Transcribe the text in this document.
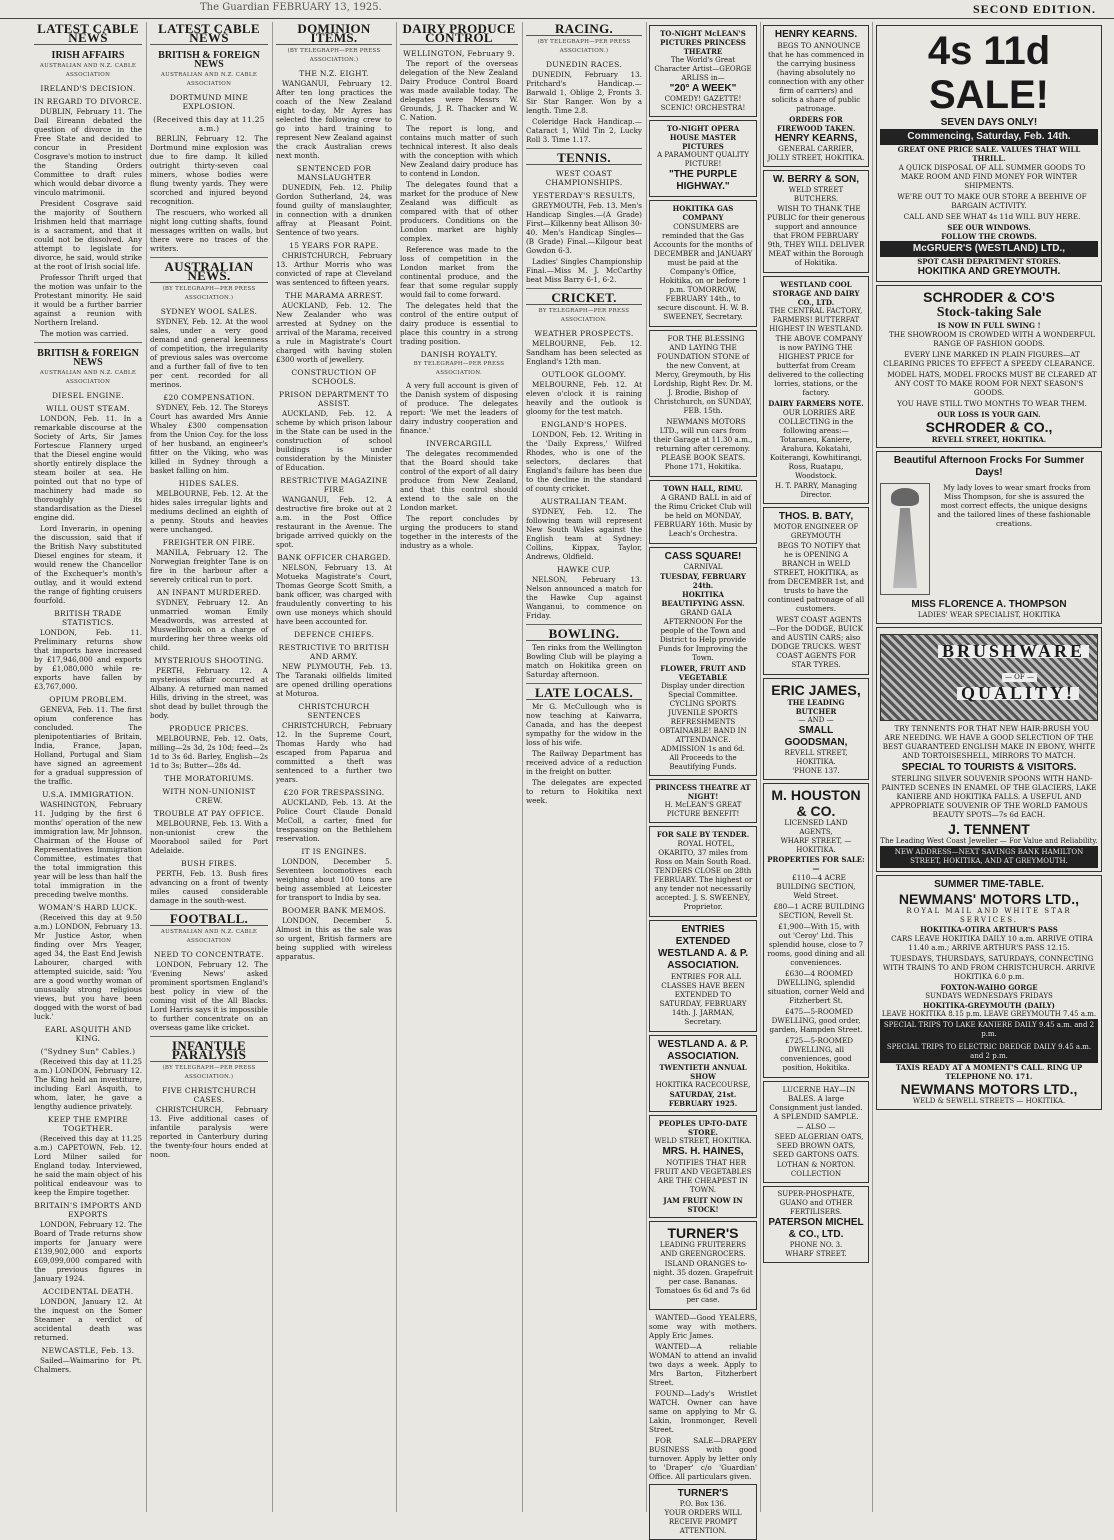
The Guardian FEBRUARY 13, 1925.	SECOND EDITION.
LATEST CABLE NEWS
IRISH AFFAIRS
AUSTRALIAN AND N.Z. CABLE ASSOCIATION
IRELAND'S DECISION.
IN REGARD TO DIVORCE.

DUBLIN, February 11. The Dail Eireann debated the question of divorce in the Free State and decided to concur in President Cosgrave's motion to instruct the Standing Orders Committee to draft rules which would debar divorce a vinculo matrimonii.

President Cosgrave said the majority of Southern Irishmen held that marriage is a sacrament, and that it could not be dissolved. Any attempt to legislate for divorce, he said, would strike at the root of Irish social life.

Professor Thrift urged that the motion was unfair to the Protestant minority. He said it would be a further barrier against a reunion with Northern Ireland.

The motion was carried.

BRITISH & FOREIGN NEWS
AUSTRALIAN AND N.Z. CABLE ASSOCIATION
DIESEL ENGINE.
WILL OUST STEAM.

LONDON, Feb. 11. In a remarkable discourse at the Society of Arts, Sir James Fortescue Flannery urged that the Diesel engine would shortly entirely displace the steam boiler at sea. He pointed out that no type of machinery had made so thoroughly its standardisation as the Diesel engine did.

Lord Inverarin, in opening the discussion, said that if the British Navy substituted Diesel engines for steam, it would renew the Chancellor of the Exchequer's month's outlay, and it would extend the range of fighting cruisers fourfold.

BRITISH TRADE STATISTICS.

LONDON, Feb. 11. Preliminary returns show that imports have increased by £17,946,000 and exports by £1,080,000 while re-exports have fallen by £3,767,000.

OPIUM PROBLEM.

GENEVA, Feb. 11. The first opium conference has concluded. The plenipotentiaries of Britain, India, France, Japan, Holland, Portugal and Siam have signed an agreement for a gradual suppression of the traffic.

U.S.A. IMMIGRATION.

WASHINGTON, February 11. Judging by the first 6 months' operation of the new immigration law, Mr Johnson, Chairman of the House of Representatives Immigration Committee, estimates that the total immigration this year will be less than half the total immigration in the preceding twelve months.

WOMAN'S HARD LUCK.

(Received this day at 9.50 a.m.) LONDON, February 13. Mr Justice Astor, when finding over Mrs Yeager, aged 34, the East End Jewish Labourer, charged with attempted suicide, said: 'You are a good worthy woman of unusually strong religious views, but you have been dogged with the worst of bad luck.'

EARL ASQUITH AND KING.
("Sydney Sun" Cables.)

(Received this day at 11.25 a.m.) LONDON, February 12. The King held an investiture, including Earl Asquith, to whom, later, he gave a lengthy audience privately.

KEEP THE EMPIRE TOGETHER.

(Received this day at 11.25 a.m.) CAPETOWN, Feb. 12. Lord Milner sailed for England today. Interviewed, he said the main object of his political endeavour was to keep the Empire together.

BRITAIN'S IMPORTS AND EXPORTS

LONDON, February 12. The Board of Trade returns show imports for January were £139,902,000 and exports £69,099,000 compared with the previous figures in January 1924.

ACCIDENTAL DEATH.

LONDON, January 12. At the inquest on the Somer Steamer a verdict of accidental death was returned.

NEWCASTLE, Feb. 13.

Sailed—Waimarino for Pt. Chalmers.

LATEST CABLE NEWS
BRITISH & FOREIGN NEWS
AUSTRALIAN AND N.Z. CABLE ASSOCIATION
DORTMUND MINE EXPLOSION.
(Received this day at 11.25 a.m.)

BERLIN, February 12. The Dortmund mine explosion was due to fire damp. It killed outright thirty-seven coal miners, whose bodies were flung twenty yards. They were scorched and injured beyond recognition.

The rescuers, who worked all night long cutting shafts, found messages written on walls, but there were no traces of the writers.

AUSTRALIAN NEWS.
(BY TELEGRAPH—PER PRESS ASSOCIATION.)
SYDNEY WOOL SALES.

SYDNEY, Feb. 12. At the wool sales, under a very good demand and general keenness of competition, the irregularity of previous sales was overcome and a further fall of five to ten per cent. recorded for all merinos.

£20 COMPENSATION.

SYDNEY, Feb. 12. The Storeys Court has awarded Mrs Annie Whaley £300 compensation from the Union Coy. for the loss of her husband, an engineer's fitter on the Viking, who was killed in Sydney through a basket falling on him.

HIDES SALES.

MELBOURNE, Feb. 12. At the hides sales irregular lights and mediums declined an eighth of a penny. Stouts and heavies were unchanged.

FREIGHTER ON FIRE.

MANILA, February 12. The Norwegian freighter Tane is on fire in the harbour after a severely critical run to port.

AN INFANT MURDERED.

SYDNEY, February 12. An unmarried woman Emily Meadwords, was arrested at Muswellbrook on a charge of murdering her three weeks old child.

MYSTERIOUS SHOOTING.

PERTH, February 12. A mysterious affair occurred at Albany. A returned man named Hills, driving in the street, was shot dead by bullet through the body.

PRODUCE PRICES.

MELBOURNE, Feb. 12. Oats, milling—2s 3d, 2s 10d; feed—2s 1d to 3s 6d. Barley, English—2s 1d to 3s; Butter—28s 4d.

THE MORATORIUMS.
WITH NON-UNIONIST CREW.
TROUBLE AT PAY OFFICE.

MELBOURNE, Feb. 13. With a non-unionist crew the Moorabool sailed for Port Adelaide.

BUSH FIRES.

PERTH, Feb. 13. Bush fires advancing on a front of twenty miles caused considerable damage in the south-west.

FOOTBALL.
AUSTRALIAN AND N.Z. CABLE ASSOCIATION
NEED TO CONCENTRATE.

LONDON, February 12. The 'Evening News' asked prominent sportsmen England's best policy in view of the coming visit of the All Blacks. Lord Harris says it is impossible to further concentrate on an overseas game like cricket.

INFANTILE PARALYSIS
(BY TELEGRAPH—PER PRESS ASSOCIATION.)
FIVE CHRISTCHURCH CASES.

CHRISTCHURCH, February 13. Five additional cases of infantile paralysis were reported in Canterbury during the twenty-four hours ended at noon.

DOMINION ITEMS.
(BY TELEGRAPH—PER PRESS ASSOCIATION.)
THE N.Z. EIGHT.

WANGANUI, February 12. After ten long practices the coach of the New Zealand eight to-day, Mr Ayres has selected the following crew to go into hard training to represent New Zealand against the crack Australian crews next month.

SENTENCED FOR MANSLAUGHTER

DUNEDIN, Feb. 12. Philip Gordon Sutherland, 24, was found guilty of manslaughter, in connection with a drunken affray at Pleasant Point. Sentence of two years.

15 YEARS FOR RAPE.

CHRISTCHURCH, February 13. Arthur Morris who was convicted of rape at Cleveland was sentenced to fifteen years.

THE MARAMA ARREST.

AUCKLAND, Feb. 12. The New Zealander who was arrested at Sydney on the arrival of the Marama, received a rule in Magistrate's Court charged with having stolen £300 worth of jewellery.

CONSTRUCTION OF SCHOOLS.
PRISON DEPARTMENT TO ASSIST.

AUCKLAND, Feb. 12. A scheme by which prison labour in the State can be used in the construction of school buildings is under consideration by the Minister of Education.

RESTRICTIVE MAGAZINE FIRE

WANGANUI, Feb. 12. A destructive fire broke out at 2 a.m. in the Post Office restaurant in the Avenue. The brigade arrived quickly on the spot.

BANK OFFICER CHARGED.

NELSON, February 13. At Motueka Magistrate's Court, Thomas George Scott Smith, a bank officer, was charged with fraudulently converting to his own use moneys which should have been accounted for.

DEFENCE CHIEFS.
RESTRICTIVE TO BRITISH AND ARMY.

NEW PLYMOUTH, Feb. 13. The Taranaki oilfields limited are opened drilling operations at Moturoa.

CHRISTCHURCH SENTENCES

CHRISTCHURCH, February 12. In the Supreme Court, Thomas Hardy who had escaped from Paparua and committed a theft was sentenced to a further two years.

£20 FOR TRESPASSING.

AUCKLAND, Feb. 13. At the Police Court Claude Donald McColl, a carter, fined for trespassing on the Bethlehem reservation.

IT IS ENGINES.

LONDON, December 5. Seventeen locomotives each weighing about 100 tons are being assembled at Leicester for transport to India by sea.

BOOMER BANK MEMOS.

LONDON, December 5. Almost in this as the sale was so urgent, British farmers are being supplied with wireless apparatus.

DAIRY PRODUCE CONTROL
WELLINGTON, February 9.

The report of the overseas delegation of the New Zealand Dairy Produce Control Board was made available today. The delegates were Messrs W. Grounds, J. R. Thacker and W. C. Nation.

The report is long, and contains much matter of such technical interest. It also deals with the conception with which New Zealand dairy produce has to contend in London.

The delegates found that a market for the produce of New Zealand was difficult as compared with that of other producers. Conditions on the London market are highly complex.

Reference was made to the loss of competition in the London market from the continental produce, and the fear that some regular supply would fail to come forward.

The delegates held that the control of the entire output of dairy produce is essential to place this country in a strong trading position.

DANISH ROYALTY.
BY TELEGRAPH—PER PRESS ASSOCIATION.

A very full account is given of the Danish system of disposing of produce. The delegates report: 'We met the leaders of dairy industry cooperation and finance.'

INVERCARGILL

The delegates recommended that the Board should take control of the export of all dairy produce from New Zealand, and that this control should extend to the sale on the London market.

The report concludes by urging the producers to stand together in the interests of the industry as a whole.

RACING.
(BY TELEGRAPH—PER PRESS ASSOCIATION.)
DUNEDIN RACES.

DUNEDIN, February 13. Pritchard's Handicap.—Barwald 1, Oblige 2, Fronts 3. Sir Star Ranger. Won by a length. Time 2.8.

Coleridge Hack Handicap.—Cataract 1, Wild Tin 2, Lucky Roll 3. Time 1.17.

TENNIS.
WEST COAST CHAMPIONSHIPS.
YESTERDAY'S RESULTS,

GREYMOUTH, Feb. 13. Men's Handicap Singles.—(A Grade) First—Kilkenny beat Allison 30-40. Men's Handicap Singles—(B Grade) Final.—Kilgour beat Gowdon 6-3.

Ladies' Singles Championship Final.—Miss M. J. McCarthy beat Miss Barry 6-1, 6-2.

CRICKET.
BY TELEGRAPH—PER PRESS ASSOCIATION.
WEATHER PROSPECTS.

MELBOURNE, Feb. 12. Sandham has been selected as England's 12th man.

OUTLOOK GLOOMY.

MELBOURNE, Feb. 12. At eleven o'clock it is raining heavily and the outlook is gloomy for the test match.

ENGLAND'S HOPES.

LONDON, Feb. 12. Writing in the 'Daily Express,' Wilfred Rhodes, who is one of the selectors, declares that England's failure has been due to the decline in the standard of county cricket.

AUSTRALIAN TEAM.

SYDNEY, Feb. 12. The following team will represent New South Wales against the English team at Sydney: Collins, Kippax, Taylor, Andrews, Oldfield.

HAWKE CUP.

NELSON, February 13. Nelson announced a match for the Hawke Cup against Wanganui, to commence on Friday.

BOWLING.

Ten rinks from the Wellington Bowling Club will be playing a match on Hokitika green on Saturday afternoon.

LATE LOCALS.

Mr G. McCullough who is now teaching at Kaiwarra, Canada, and has the deepest sympathy for the widow in the loss of his wife.

The Railway Department has received advice of a reduction in the freight on butter.

The delegates are expected to return to Hokitika next week.

TO-NIGHT McLEAN'S PICTURES PRINCESS THEATRE
The World's Great Character Artist—GEORGE ARLISS in—
"20° A WEEK"
COMEDY! GAZETTE! SCENIC! ORCHESTRA!
TO-NIGHT OPERA HOUSE MASTER PICTURES
A PARAMOUNT QUALITY PICTURE!
"THE PURPLE HIGHWAY."
HOKITIKA GAS COMPANY

CONSUMERS are reminded that the Gas Accounts for the months of DECEMBER and JANUARY must be paid at the Company's Office, Hokitika, on or before 1 p.m. TOMORROW, FEBRUARY 14th., to secure discount. H. W. B. SWEENEY, Secretary.

FOR THE BLESSING AND LAYING THE FOUNDATION STONE of the new Convent, at Mercy, Greymouth, by His Lordship, Right Rev. Dr. M. J. Brodie, Bishop of Christchurch, on SUNDAY, FEB. 15th.

NEWMANS MOTORS LTD., will run cars from their Garage at 11.30 a.m., returning after ceremony. PLEASE BOOK SEATS. Phone 171, Hokitika.

TOWN HALL, RIMU.

A GRAND BALL in aid of the Rimu Cricket Club will be held on MONDAY, FEBRUARY 16th. Music by Leach's Orchestra.

CASS SQUARE!
CARNIVAL
TUESDAY, FEBRUARY 24th.
HOKITIKA BEAUTIFYING ASSN.

GRAND GALA AFTERNOON For the people of the Town and District to Help provide Funds for Improving the Town.

FLOWER, FRUIT AND VEGETABLE
Display under direction Special Committee.
CYCLING SPORTS
JUVENILE SPORTS
REFRESHMENTS OBTAINABLE! BAND IN ATTENDANCE.
ADMISSION 1s and 6d.
All Proceeds to the Beautifying Funds.
PRINCESS THEATRE AT NIGHT!
H. McLEAN'S GREAT PICTURE BENEFIT!
FOR SALE BY TENDER.

ROYAL HOTEL, OKARITO, 37 miles from Ross on Main South Road. TENDERS CLOSE on 28th FEBRUARY. The highest or any tender not necessarily accepted. J. S. SWEENEY, Proprietor.

ENTRIES EXTENDED
WESTLAND A. & P. ASSOCIATION.

ENTRIES FOR ALL CLASSES HAVE BEEN EXTENDED TO SATURDAY, FEBRUARY 14th. J. JARMAN, Secretary.

WESTLAND A. & P. ASSOCIATION.
TWENTIETH ANNUAL SHOW
HOKITIKA RACECOURSE,
SATURDAY, 21st. FEBRUARY 1925.
PEOPLES UP-TO-DATE STORE.
WELD STREET, HOKITIKA.
MRS. H. HAINES,

NOTIFIES THAT HER FRUIT AND VEGETABLES ARE THE CHEAPEST IN TOWN.

JAM FRUIT NOW IN STOCK!
TURNER'S
LEADING FRUITERERS AND GREENGROCERS.

ISLAND ORANGES to-night. 35 dozen. Grapefruit per case. Bananas. Tomatoes 6s 6d and 7s 6d per case.

WANTED—Good YEALERS, some way with mothers. Apply Eric James.

WANTED—A reliable WOMAN to attend an invalid two days a week. Apply to Mrs Barton, Fitzherbert Street.

FOUND—Lady's Wristlet WATCH. Owner can have same on applying to Mr G. Lakin, Ironmonger, Revell Street.

FOR SALE—DRAPERY BUSINESS with good turnover. Apply by letter only to 'Draper' c/o 'Guardian' Office. All particulars given.

TURNER'S
P.O. Box 136.
YOUR ORDERS WILL RECEIVE PROMPT ATTENTION.
HENRY KEARNS.

BEGS TO ANNOUNCE that he has commenced in the carrying business (having absolutely no connection with any other firm of carriers) and solicits a share of public patronage.

ORDERS FOR FIREWOOD TAKEN.
HENRY KEARNS,
GENERAL CARRIER, JOLLY STREET, HOKITIKA.
W. BERRY & SON,
WELD STREET BUTCHERS.

WISH TO THANK THE PUBLIC for their generous support and announce that FROM FEBRUARY 9th, THEY WILL DELIVER MEAT within the Borough of Hokitika.

WESTLAND COOL STORAGE AND DAIRY CO., LTD.
THE CENTRAL FACTORY, FARMERS! BUTTERFAT HIGHEST IN WESTLAND.

THE ABOVE COMPANY is now PAYING THE HIGHEST PRICE for butterfat from Cream delivered to the collecting lorries, stations, or the factory.

DAIRY FARMERS NOTE.

OUR LORRIES ARE COLLECTING in the following areas:—Totaraneu, Kaniere, Arahura, Kokatahi, Koiterangi, Kowhitirangi, Ross, Ruatapu, Woodstock.

H. T. PARRY, Managing Director.
THOS. B. BATY,
MOTOR ENGINEER OF GREYMOUTH

BEGS TO NOTIFY that he is OPENING A BRANCH in WELD STREET, HOKITIKA, as from DECEMBER 1st, and trusts to have the continued patronage of all customers.

WEST COAST AGENTS—For the DODGE, BUICK and AUSTIN CARS; also DODGE TRUCKS. WEST COAST AGENTS FOR STAR TYRES.

ERIC JAMES,
THE LEADING BUTCHER
— AND —
SMALL GOODSMAN,
REVELL STREET, HOKITIKA.
'PHONE 137.
M. HOUSTON & CO.
LICENSED LAND AGENTS,
WHARF STREET, — HOKITIKA.
PROPERTIES FOR SALE:—

£110—4 ACRE BUILDING SECTION, Weld Street.

£80—1 ACRE BUILDING SECTION, Revell St.

£1,900—With 15, with out 'Ceroy' Ltd. This splendid house, close to 7 rooms, good dining and all conveniences.

£630—4 ROOMED DWELLING, splendid situation, corner Weld and Fitzherbert St.

£475—5-ROOMED DWELLING, good order, garden, Hampden Street.

£725—5-ROOMED DWELLING, all conveniences, good position, Hokitika.

LUCERNE HAY—IN BALES. A large Consignment just landed. A SPLENDID SAMPLE.

— ALSO —

SEED ALGERIAN OATS, SEED BROWN OATS, SEED GARTONS OATS.

LOTHAN & NORTON. COLLECTION
SUPER-PHOSPHATE, GUANO and OTHER FERTILISERS.
PATERSON MICHEL & CO., LTD.
PHONE NO. 3.
WHARF STREET.
4s 11d SALE!
SEVEN DAYS ONLY!
Commencing, Saturday, Feb. 14th.
GREAT ONE PRICE SALE. VALUES THAT WILL THRILL.

A QUICK DISPOSAL OF ALL SUMMER GOODS TO MAKE ROOM AND FIND MONEY FOR WINTER SHIPMENTS.

WE'RE OUT TO MAKE OUR STORE A BEEHIVE OF BARGAIN ACTIVITY.

CALL AND SEE WHAT 4s 11d WILL BUY HERE.

SEE OUR WINDOWS.
FOLLOW THE CROWDS.
McGRUER'S (WESTLAND) LTD.,
SPOT CASH DEPARTMENT STORES.
HOKITIKA AND GREYMOUTH.
SCHRODER & CO'S
Stock-taking Sale
IS NOW IN FULL SWING !

THE SHOWROOM IS CROWDED WITH A WONDERFUL RANGE OF FASHION GOODS.

EVERY LINE MARKED IN PLAIN FIGURES—AT CLEARING PRICES TO EFFECT A SPEEDY CLEARANCE.

MODEL HATS, MODEL FROCKS MUST BE CLEARED AT ANY COST TO MAKE ROOM FOR NEXT SEASON'S GOODS.

YOU HAVE STILL TWO MONTHS TO WEAR THEM.

OUR LOSS IS YOUR GAIN.
SCHRODER & CO.,
REVELL STREET, HOKITIKA.
Beautiful Afternoon Frocks For Summer Days!

My lady loves to wear smart frocks from Miss Thompson, for she is assured the most correct effects, the unique designs and the tailored lines of these fashionable creations.

MISS FLORENCE A. THOMPSON
LADIES' WEAR SPECIALIST, HOKITIKA
BRUSHWARE
— OF —
QUALITY!

TRY TENNENTS FOR THAT NEW HAIR-BRUSH YOU ARE NEEDING. WE HAVE A GOOD SELECTION OF THE BEST GUARANTEED ENGLISH MAKE IN EBONY, WHITE AND TORTOISESHELL, MIRRORS TO MATCH.

SPECIAL TO TOURISTS & VISITORS.

STERLING SILVER SOUVENIR SPOONS WITH HAND-PAINTED SCENES IN ENAMEL OF THE GLACIERS, LAKE KANIERE AND HOKITIKA FALLS. A USEFUL AND APPROPRIATE SOUVENIR OF THE WORLD FAMOUS BEAUTY SPOTS—7s 6d EACH.

J. TENNENT
The Leading West Coast Jeweller — For Value and Reliability.
NEW ADDRESS—NEXT SAVINGS BANK HAMILTON STREET, HOKITIKA, AND AT GREYMOUTH.
SUMMER TIME-TABLE.
NEWMANS' MOTORS LTD.,
ROYAL MAIL AND WHITE STAR SERVICES.
HOKITIKA-OTIRA ARTHUR'S PASS

CARS LEAVE HOKITIKA DAILY 10 a.m. ARRIVE OTIRA 11.40 a.m.; ARRIVE ARTHUR'S PASS 12.15.

TUESDAYS, THURSDAYS, SATURDAYS, CONNECTING WITH TRAINS TO AND FROM CHRISTCHURCH. ARRIVE HOKITIKA 6.0 p.m.

FOXTON-WAIHO GORGE
SUNDAYS WEDNESDAYS FRIDAYS
HOKITIKA-GREYMOUTH (DAILY)
LEAVE HOKITIKA 8.15 p.m. LEAVE GREYMOUTH 7.45 a.m.
SPECIAL TRIPS TO LAKE KANIERE DAILY 9.45 a.m. and 2 p.m.
SPECIAL TRIPS TO ELECTRIC DREDGE DAILY 9.45 a.m. and 2 p.m.
TAXIS READY AT A MOMENT'S CALL. RING UP TELEPHONE NO. 171.
NEWMANS MOTORS LTD.,
WELD & SEWELL STREETS — HOKITIKA.
